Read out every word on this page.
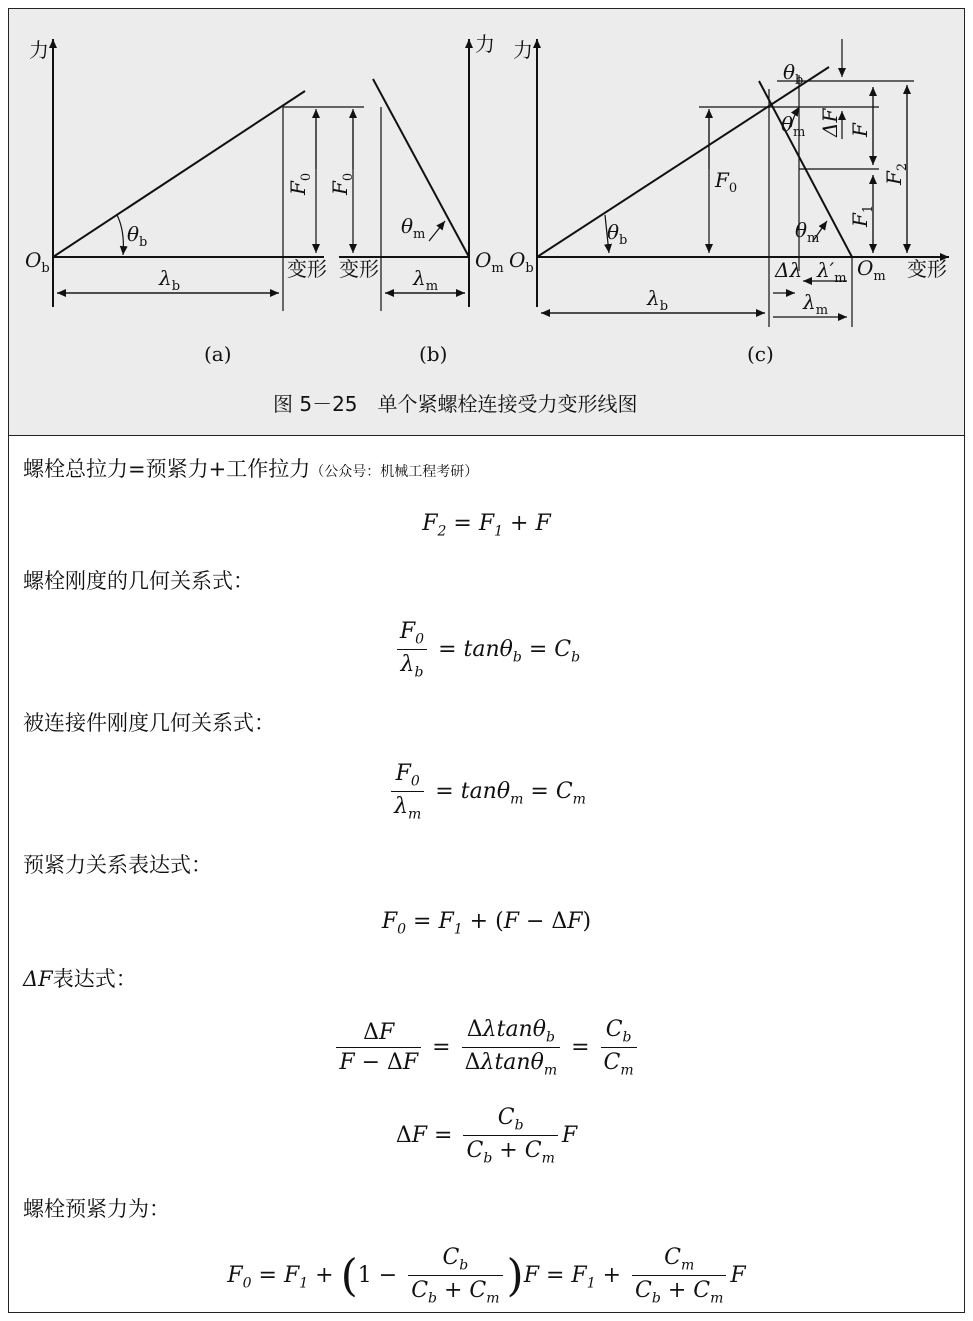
力
$O_b$
$\theta_b$
$\lambda_b$
变形
(a)
$F_0$
力
变形
$\theta_m$
$\lambda_m$
$O_m$
(b)
$F_0$
力
$O_b$
$\theta_b$
$F_0$
$\theta_b$
$\theta_m$
$\theta_m$
Δλ $\lambda'_m$ $O_m$ 变形
$\lambda_b$	$\lambda_m$
(c)
ΔF F
$F_1$
$F_2$
图 5－25　单个紧螺栓连接受力变形线图
螺栓总拉力=预紧力+工作拉力（公众号：机械工程考研）
$F_2 = F_1 + F$
螺栓刚度的几何关系式：
$\frac{F_0}{\lambda_b} = \tan\theta_b = C_b$
被连接件刚度几何关系式：
$\frac{F_0}{\lambda_m} = \tan\theta_m = C_m$
预紧力关系表达式：
$F_0 = F_1 + (F - \Delta F)$
ΔF表达式：
$\frac{\Delta F}{F - \Delta F} = \frac{\Delta\lambda\tan\theta_b}{\Delta\lambda\tan\theta_m} = \frac{C_b}{C_m}$
$\Delta F = \frac{C_b}{C_b + C_m}$ F
螺栓预紧力为：
$F_0 = F_1 + (1 - \frac{C_b}{C_b + C_m} )F = F_1 + \frac{C_m}{C_b + C_m}$ F
